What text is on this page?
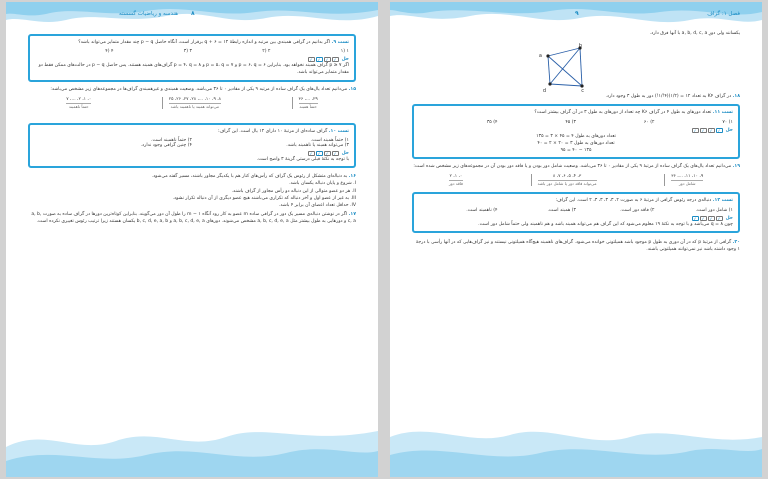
هندسه و ریاضیات گسسته ۸

تست ۹. اگر بدانیم در گرافی همبندی بین مرتبه و اندازه رابطهٔ q + ۶ = ۱۲ برقرار است، آنگاه حاصل p − q چند مقدار متمایز می‌تواند باشد؟

۱ (۱
۲ (۲
۳ (۳
۴ (۴
حل
✓	✓	✓	✓

اگر p ≥ ۷ گراف همبند نخواهد بود. بنابراین p = ۶، q = ۶ و p = ۵، q = ۷ و p = ۴، q = ۸ گراف‌های همبند هستند. پس حاصل p − q در حالت‌های ممکن فقط دو مقدار متمایز می‌تواند باشد.

۱۵. می‌دانیم تعداد یال‌های یک گراف ساده از مرتبه ۹ یکی از مقادیر ۰ تا ۳۶ می‌باشد. وضعیت همبندی و غیرهمبندی گراف‌ها در مجموعه‌های زیر مشخص می‌باشد:

۲۹، ...، ۳۶
حتماً همبند
۸، ۹، ۱۰، ...، ۲۸، ۲۷، ۲۶، ۲۵
می‌تواند همبند یا ناهمبند باشد
۰، ۱، ۲، ...، ۷
حتماً ناهمبند

تست ۱۰. گراف ساده‌ای از مرتبهٔ ۱۰ دارای ۱۲ یال است. این گراف:

۱) حتماً همبند است.
۲) حتماً ناهمبند است.
۳) می‌تواند همبند یا ناهمبند باشد.
۴) چنین گرافی وجود ندارد.
حل
✓	✓	✓	✓

با توجه به نکتهٔ قبلی درستی گزینهٔ ۳ واضح است.

۱۶. به دنباله‌ای متشکل از رئوس یک گراف که رأس‌های کنار هم با یکدیگر مجاور باشند، مسیر گفته می‌شود.

I. شروع و پایان دنباله یکسان باشد.

II. هر دو عضو متوالی از این دنباله دو رأس مجاور از گراف باشند.

III. به غیر از عضو اول و آخر دنباله که تکراری می‌باشند هیچ عضو دیگری از آن دنباله تکرار نشود.

IV. حداقل تعداد اعضای آن برابر ۴ باشد.

۱۷. اگر در نوشتن دنباله‌ی مسیر یک دور در گرافی ساده m عضو به کار رود آنگاه m − ۱ را طول آن دور می‌گویند. بنابراین کوتاه‌ترین دورها در گراف ساده به صورت a, b, c, a و دورهایی به طول بیشتر مثل a, b, c, d, e, a مشخص می‌شوند. دورهای a, b, c, d, e, a و b, c, d, e, a, b یکسان هستند زیرا ترتیب رئوس تغییری نکرده است.

فصل ۱: گراف
۹

یکسانند ولی دورِ a, b, d, c, a با آنها فرق دارد.

۱۸. در گراف K۴ به تعداد ۱۲ = (۱/۲)(۴!/۱!) دور به طول ۳ وجود دارد.

تست ۱۱. تعداد دورهای به طول ۴ در گراف K۶ چه تعداد از دورهای به طول ۳ در آن گراف بیشتر است؟

۱) ۷۰
۲) ۶۰
۳) ۴۵
۴) ۳۵
حل
✓	✓	✓	✓

تعداد دورهای به طول ۴ = ۴۵ × ۳ = ۱۳۵

تعداد دورهای به طول ۳ = ۲۰ × ۲ = ۴۰

۱۳۵ − ۴۰ = ۹۵

۱۹. می‌دانیم تعداد یال‌های یک گراف ساده از مرتبهٔ ۹ یکی از مقادیر ۰ تا ۳۶ می‌باشد. وضعیت شامل دور بودن و یا فاقد دور بودن آن در مجموعه‌های زیر مشخص شده است:

۹، ۱۰، ۱۱، ...، ۳۶
شامل دور
۳، ۴، ۵، ۶، ۷، ۸
می‌تواند فاقد دور یا شامل دور باشد
۰، ۱، ۲
فاقد دور

تست ۱۲. دنباله‌ی درجه رئوس گرافی از مرتبهٔ ۶ به صورت ۲، ۳، ۳، ۳، ۳، ۲ است. این گراف:

۱) شامل دور است.
۲) فاقد دور است.
۳) همبند است.
۴) ناهمبند است.
حل
✓	✓	✓	✓

چون q = ۸ می‌باشد و با توجه به نکتهٔ ۱۹ معلوم می‌شود که این گراف هم می‌تواند همبند باشد و هم ناهمبند ولی حتماً شامل دور است.

۲۰. گرافی از مرتبهٔ p که در آن دوری به طول p موجود باشد همیلتونی خوانده می‌شود. گراف‌های ناهمبند هیچ‌گاه همیلتونی نیستند و نیز گراف‌هایی که در آنها رأسی با درجهٔ ۱ وجود داشته باشد نیز نمی‌توانند همیلتونی باشند.

a
b
c
d
